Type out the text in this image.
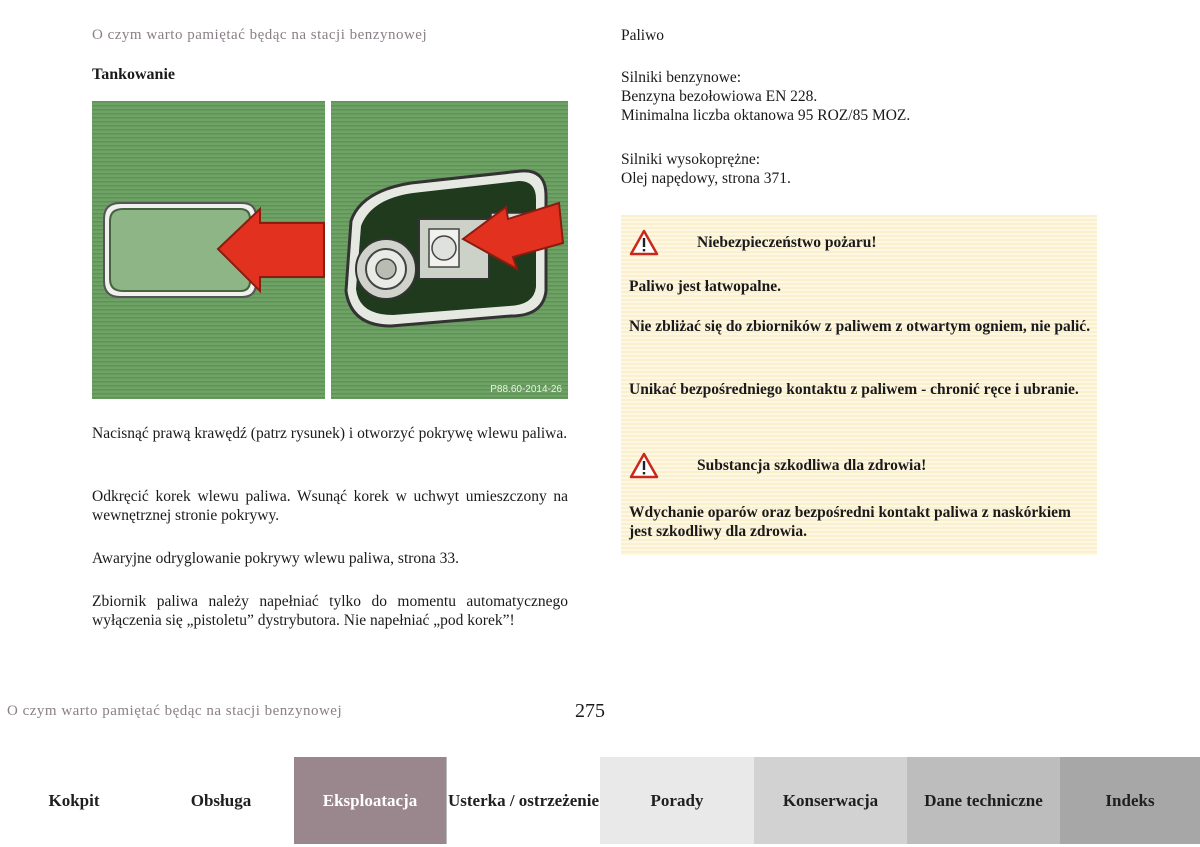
O czym warto pamiętać będąc na stacji benzynowej
Tankowanie
P88.60-2014-26

Nacisnąć prawą krawędź (patrz rysunek) i otworzyć pokrywę wlewu paliwa.

Odkręcić korek wlewu paliwa. Wsunąć korek w uchwyt umieszczony na wewnętrznej stronie pokrywy.

Awaryjne odryglowanie pokrywy wlewu paliwa, strona 33.

Zbiornik paliwa należy napełniać tylko do momentu automatycznego wyłączenia się „pistoletu” dystrybutora. Nie napełniać „pod korek”!

Paliwo
Silniki benzynowe:
Benzyna bezołowiowa EN 228.
Minimalna liczba oktanowa 95 ROZ/85 MOZ.
Silniki wysokoprężne:
Olej napędowy, strona 371.
Niebezpieczeństwo pożaru!
Paliwo jest łatwopalne.
Nie zbliżać się do zbiorników z paliwem z otwartym ogniem, nie palić.
Unikać bezpośredniego kontaktu z paliwem - chronić ręce i ubranie.
Substancja szkodliwa dla zdrowia!
Wdychanie oparów oraz bezpośredni kontakt paliwa z naskórkiem jest szkodliwy dla zdrowia.
O czym warto pamiętać będąc na stacji benzynowej	275
Kokpit	Obsługa	Eksploatacja	Usterka / ostrzeżenie	Porady	Konserwacja	Dane techniczne	Indeks
